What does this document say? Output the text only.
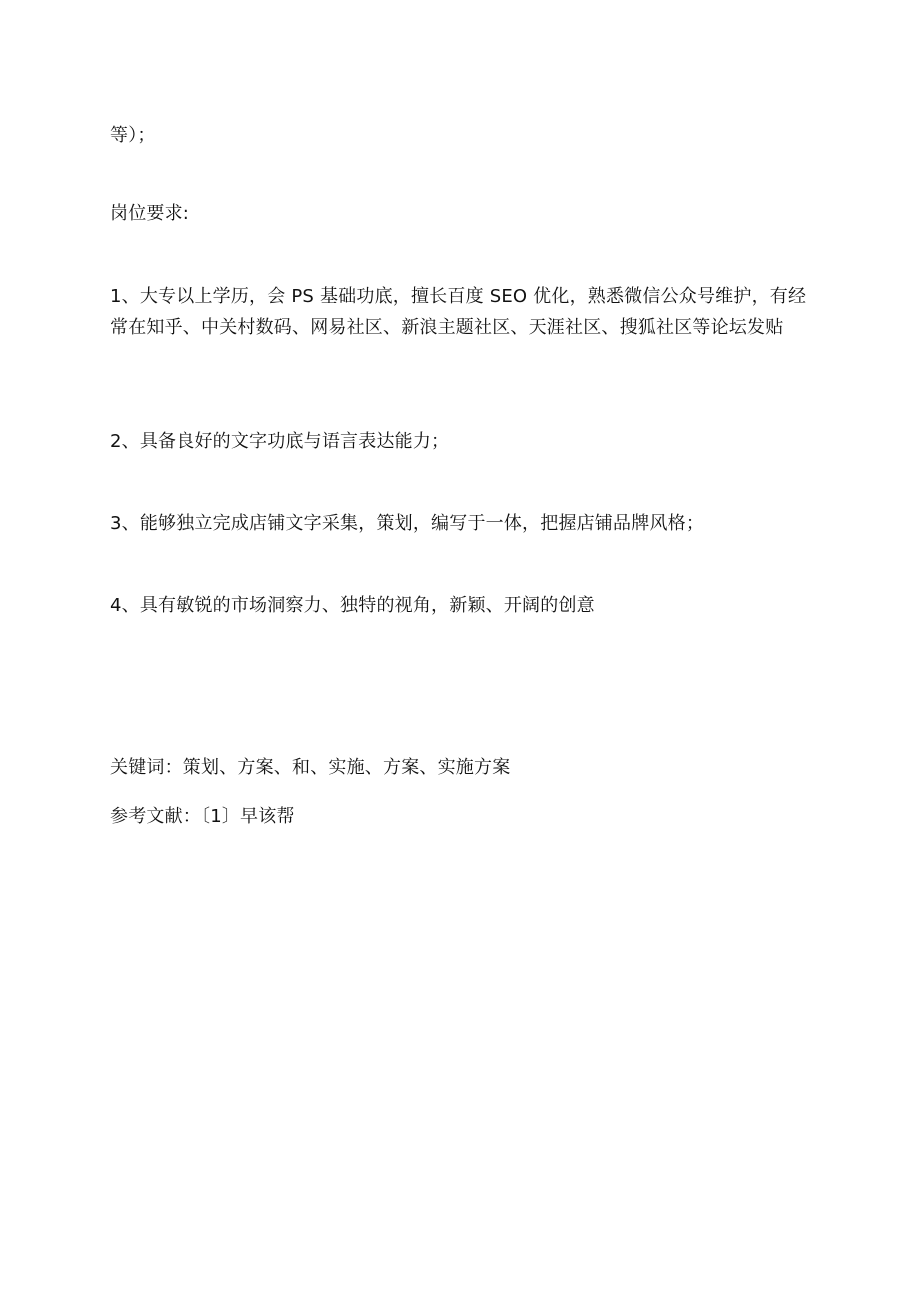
等）；
岗位要求:
1、大专以上学历，会 PS 基础功底，擅长百度 SEO 优化，熟悉微信公众号维护，有经常在知乎、中关村数码、网易社区、新浪主题社区、天涯社区、搜狐社区等论坛发贴
2、具备良好的文字功底与语言表达能力；
3、能够独立完成店铺文字采集，策划，编写于一体，把握店铺品牌风格；
4、具有敏锐的市场洞察力、独特的视角，新颖、开阔的创意
关键词：策划、方案、和、实施、方案、实施方案
参考文献：〔1〕早该帮
